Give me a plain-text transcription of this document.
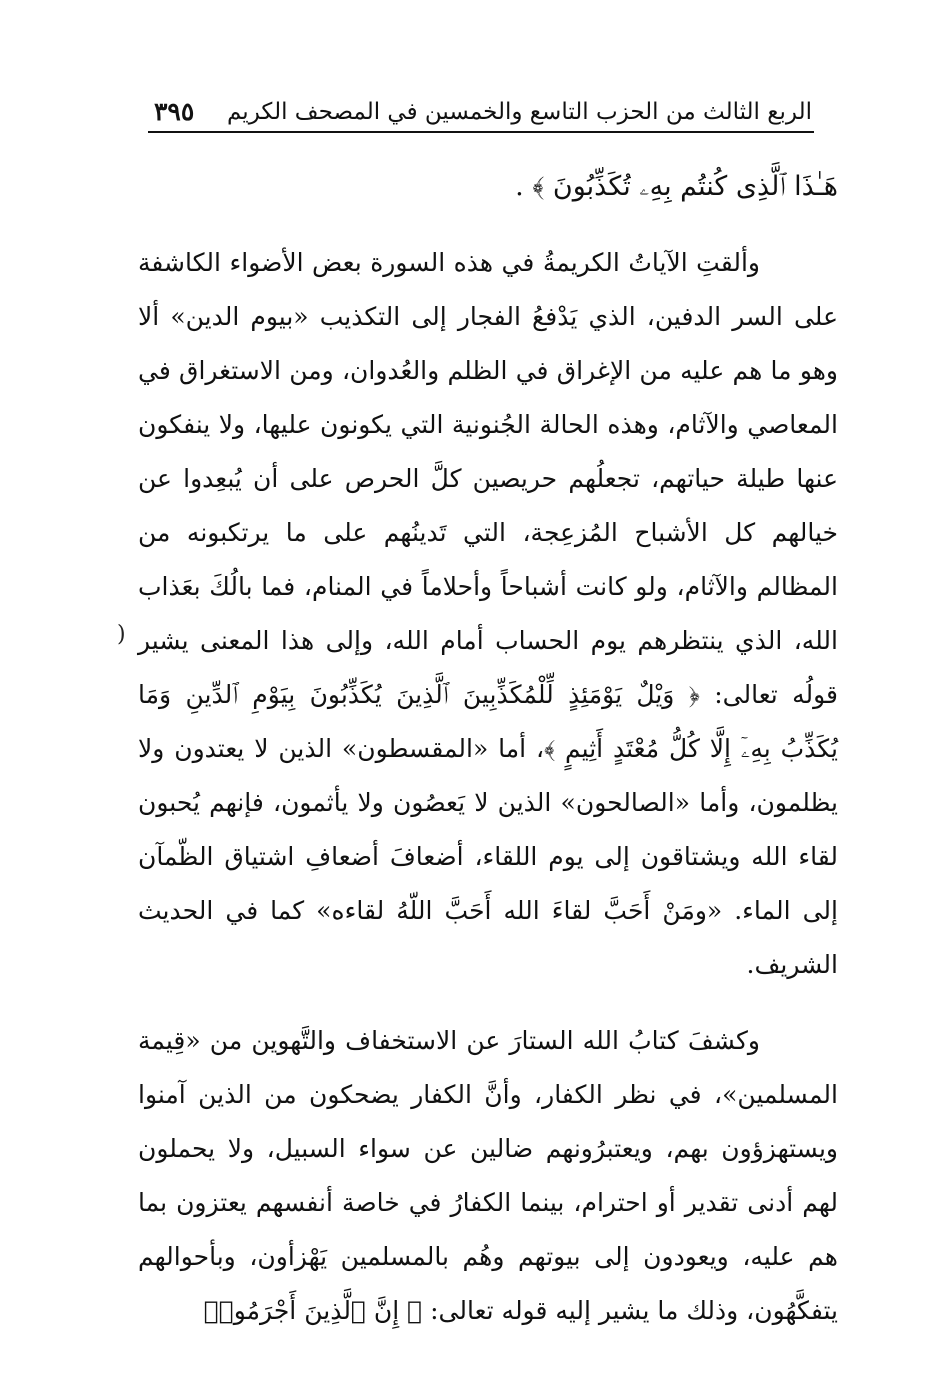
الربع الثالث من الحزب التاسع والخمسين في المصحف الكريم
٣٩٥
(

هَـٰذَا ٱلَّذِى كُنتُم بِهِۦ تُكَذِّبُونَ ﴾ .

وألقتِ الآياتُ الكريمةُ في هذه السورة بعض الأضواء الكاشفة على السر الدفين، الذي يَدْفعُ الفجار إلى التكذيب «بيوم الدين» ألا وهو ما هم عليه من الإغراق في الظلم والعُدوان، ومن الاستغراق في المعاصي والآثام، وهذه الحالة الجُنونية التي يكونون عليها، ولا ينفكون عنها طيلة حياتهم، تجعلُهم حريصين كلَّ الحرص على أن يُبعِدوا عن خيالهم كل الأشباح المُزعِجة، التي تَدينُهم على ما يرتكبونه من المظالم والآثام، ولو كانت أشباحاً وأحلاماً في المنام، فما بالُكَ بعَذاب الله، الذي ينتظرهم يوم الحساب أمام الله، وإلى هذا المعنى يشير قولُه تعالى: ﴿ وَيْلٌ يَوْمَئِذٍ لِّلْمُكَذِّبِينَ ٱلَّذِينَ يُكَذِّبُونَ بِيَوْمِ ٱلدِّينِ وَمَا يُكَذِّبُ بِهِۦٓ إِلَّا كُلُّ مُعْتَدٍ أَثِيمٍ ﴾، أما «المقسطون» الذين لا يعتدون ولا يظلمون، وأما «الصالحون» الذين لا يَعصُون ولا يأثمون، فإنهم يُحبون لقاء الله ويشتاقون إلى يوم اللقاء، أضعافَ أضعافِ اشتياق الظّمآن إلى الماء. «ومَنْ أَحَبَّ لقاءَ الله أَحَبَّ اللّهُ لقاءه» كما في الحديث الشريف.

وكشفَ كتابُ الله الستارَ عن الاستخفاف والتَّهوين من «قِيمة المسلمين»، في نظر الكفار، وأنَّ الكفار يضحكون من الذين آمنوا ويستهزؤون بهم، ويعتبرُونهم ضالين عن سواء السبيل، ولا يحملون لهم أدنى تقدير أو احترام، بينما الكفارُ في خاصة أنفسهم يعتزون بما هم عليه، ويعودون إلى بيوتهم وهُم بالمسلمين يَهْزأون، وبأحوالهم يتفكَّهُون، وذلك ما يشير إليه قوله تعالى: ﴿ إِنَّ ٱلَّذِينَ أَجْرَمُوا۟
